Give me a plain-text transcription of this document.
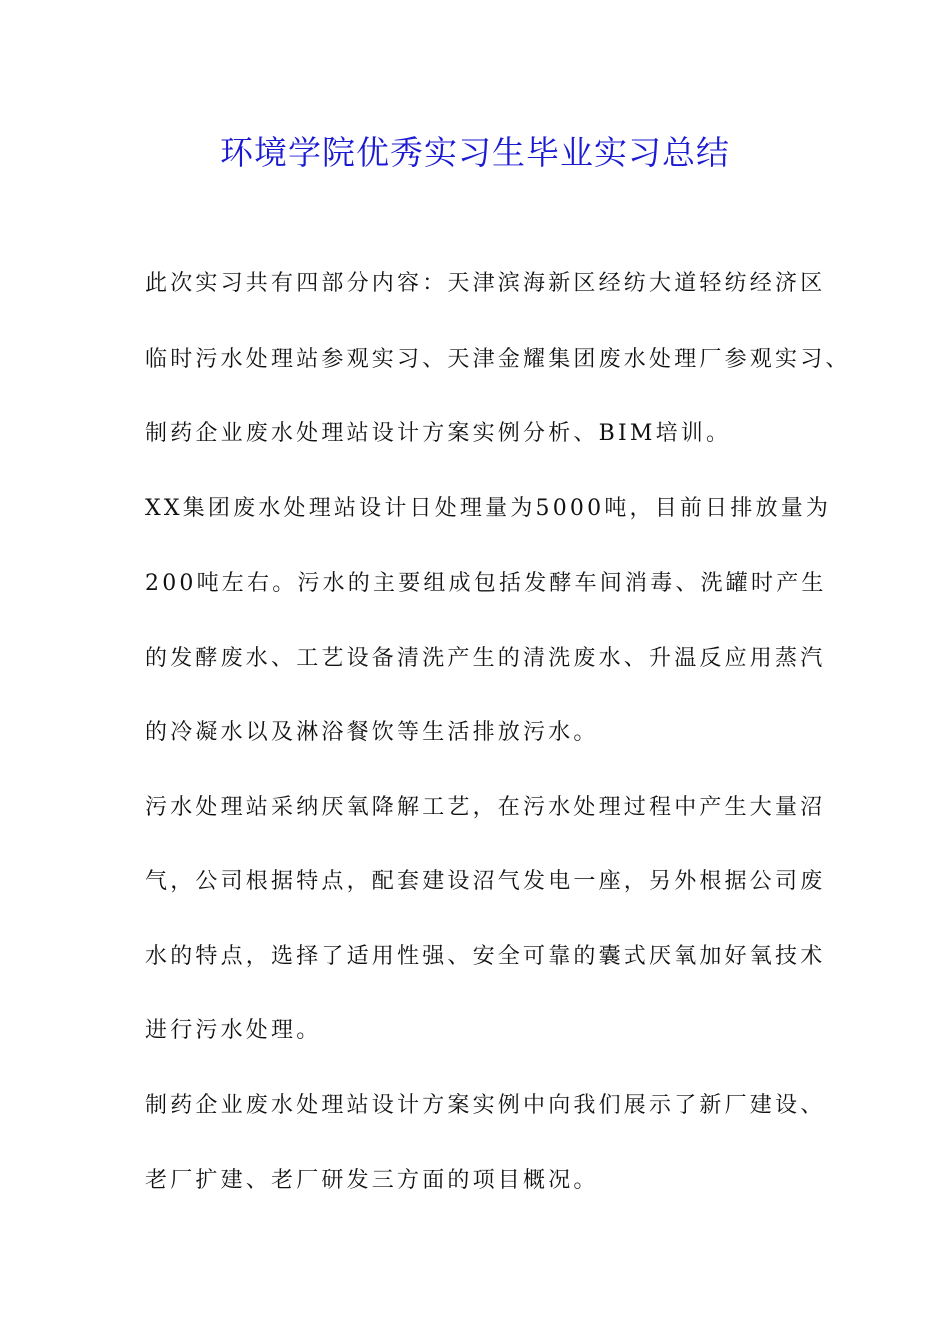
环境学院优秀实习生毕业实习总结

此次实习共有四部分内容：天津滨海新区经纺大道轻纺经济区

临时污水处理站参观实习、天津金耀集团废水处理厂参观实习、

制药企业废水处理站设计方案实例分析、BIM培训。

XX集团废水处理站设计日处理量为5000吨，目前日排放量为

200吨左右。污水的主要组成包括发酵车间消毒、洗罐时产生

的发酵废水、工艺设备清洗产生的清洗废水、升温反应用蒸汽

的冷凝水以及淋浴餐饮等生活排放污水。

污水处理站采纳厌氧降解工艺，在污水处理过程中产生大量沼

气，公司根据特点，配套建设沼气发电一座，另外根据公司废

水的特点，选择了适用性强、安全可靠的囊式厌氧加好氧技术

进行污水处理。

制药企业废水处理站设计方案实例中向我们展示了新厂建设、

老厂扩建、老厂研发三方面的项目概况。
